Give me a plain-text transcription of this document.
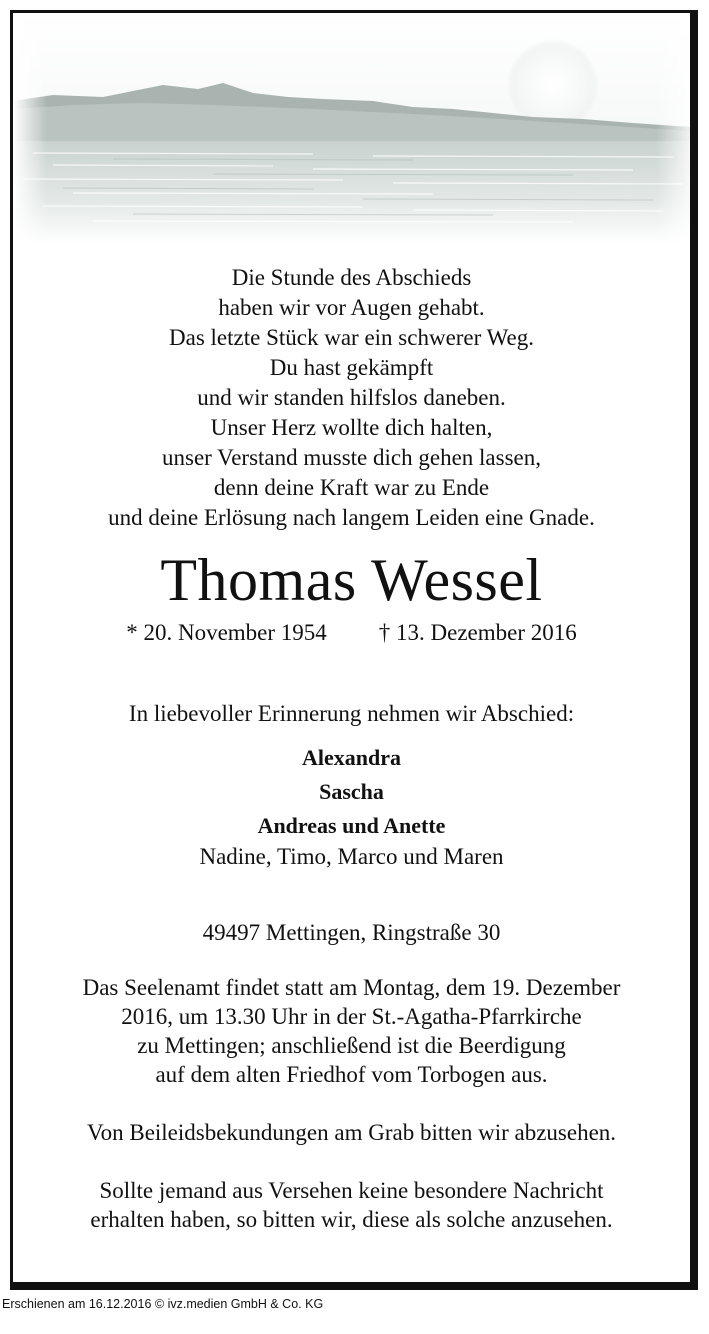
Die Stunde des Abschieds
haben wir vor Augen gehabt.
Das letzte Stück war ein schwerer Weg.
Du hast gekämpft
und wir standen hilfslos daneben.
Unser Herz wollte dich halten,
unser Verstand musste dich gehen lassen,
denn deine Kraft war zu Ende
und deine Erlösung nach langem Leiden eine Gnade.
Thomas Wessel
* 20. November 1954 † 13. Dezember 2016
In liebevoller Erinnerung nehmen wir Abschied:
Alexandra
Sascha
Andreas und Anette
Nadine, Timo, Marco und Maren
49497 Mettingen, Ringstraße 30
Das Seelenamt findet statt am Montag, dem 19. Dezember
2016, um 13.30 Uhr in der St.-Agatha-Pfarrkirche
zu Mettingen; anschließend ist die Beerdigung
auf dem alten Friedhof vom Torbogen aus.
Von Beileidsbekundungen am Grab bitten wir abzusehen.
Sollte jemand aus Versehen keine besondere Nachricht
erhalten haben, so bitten wir, diese als solche anzusehen.
Erschienen am 16.12.2016 © ivz.medien GmbH & Co. KG
